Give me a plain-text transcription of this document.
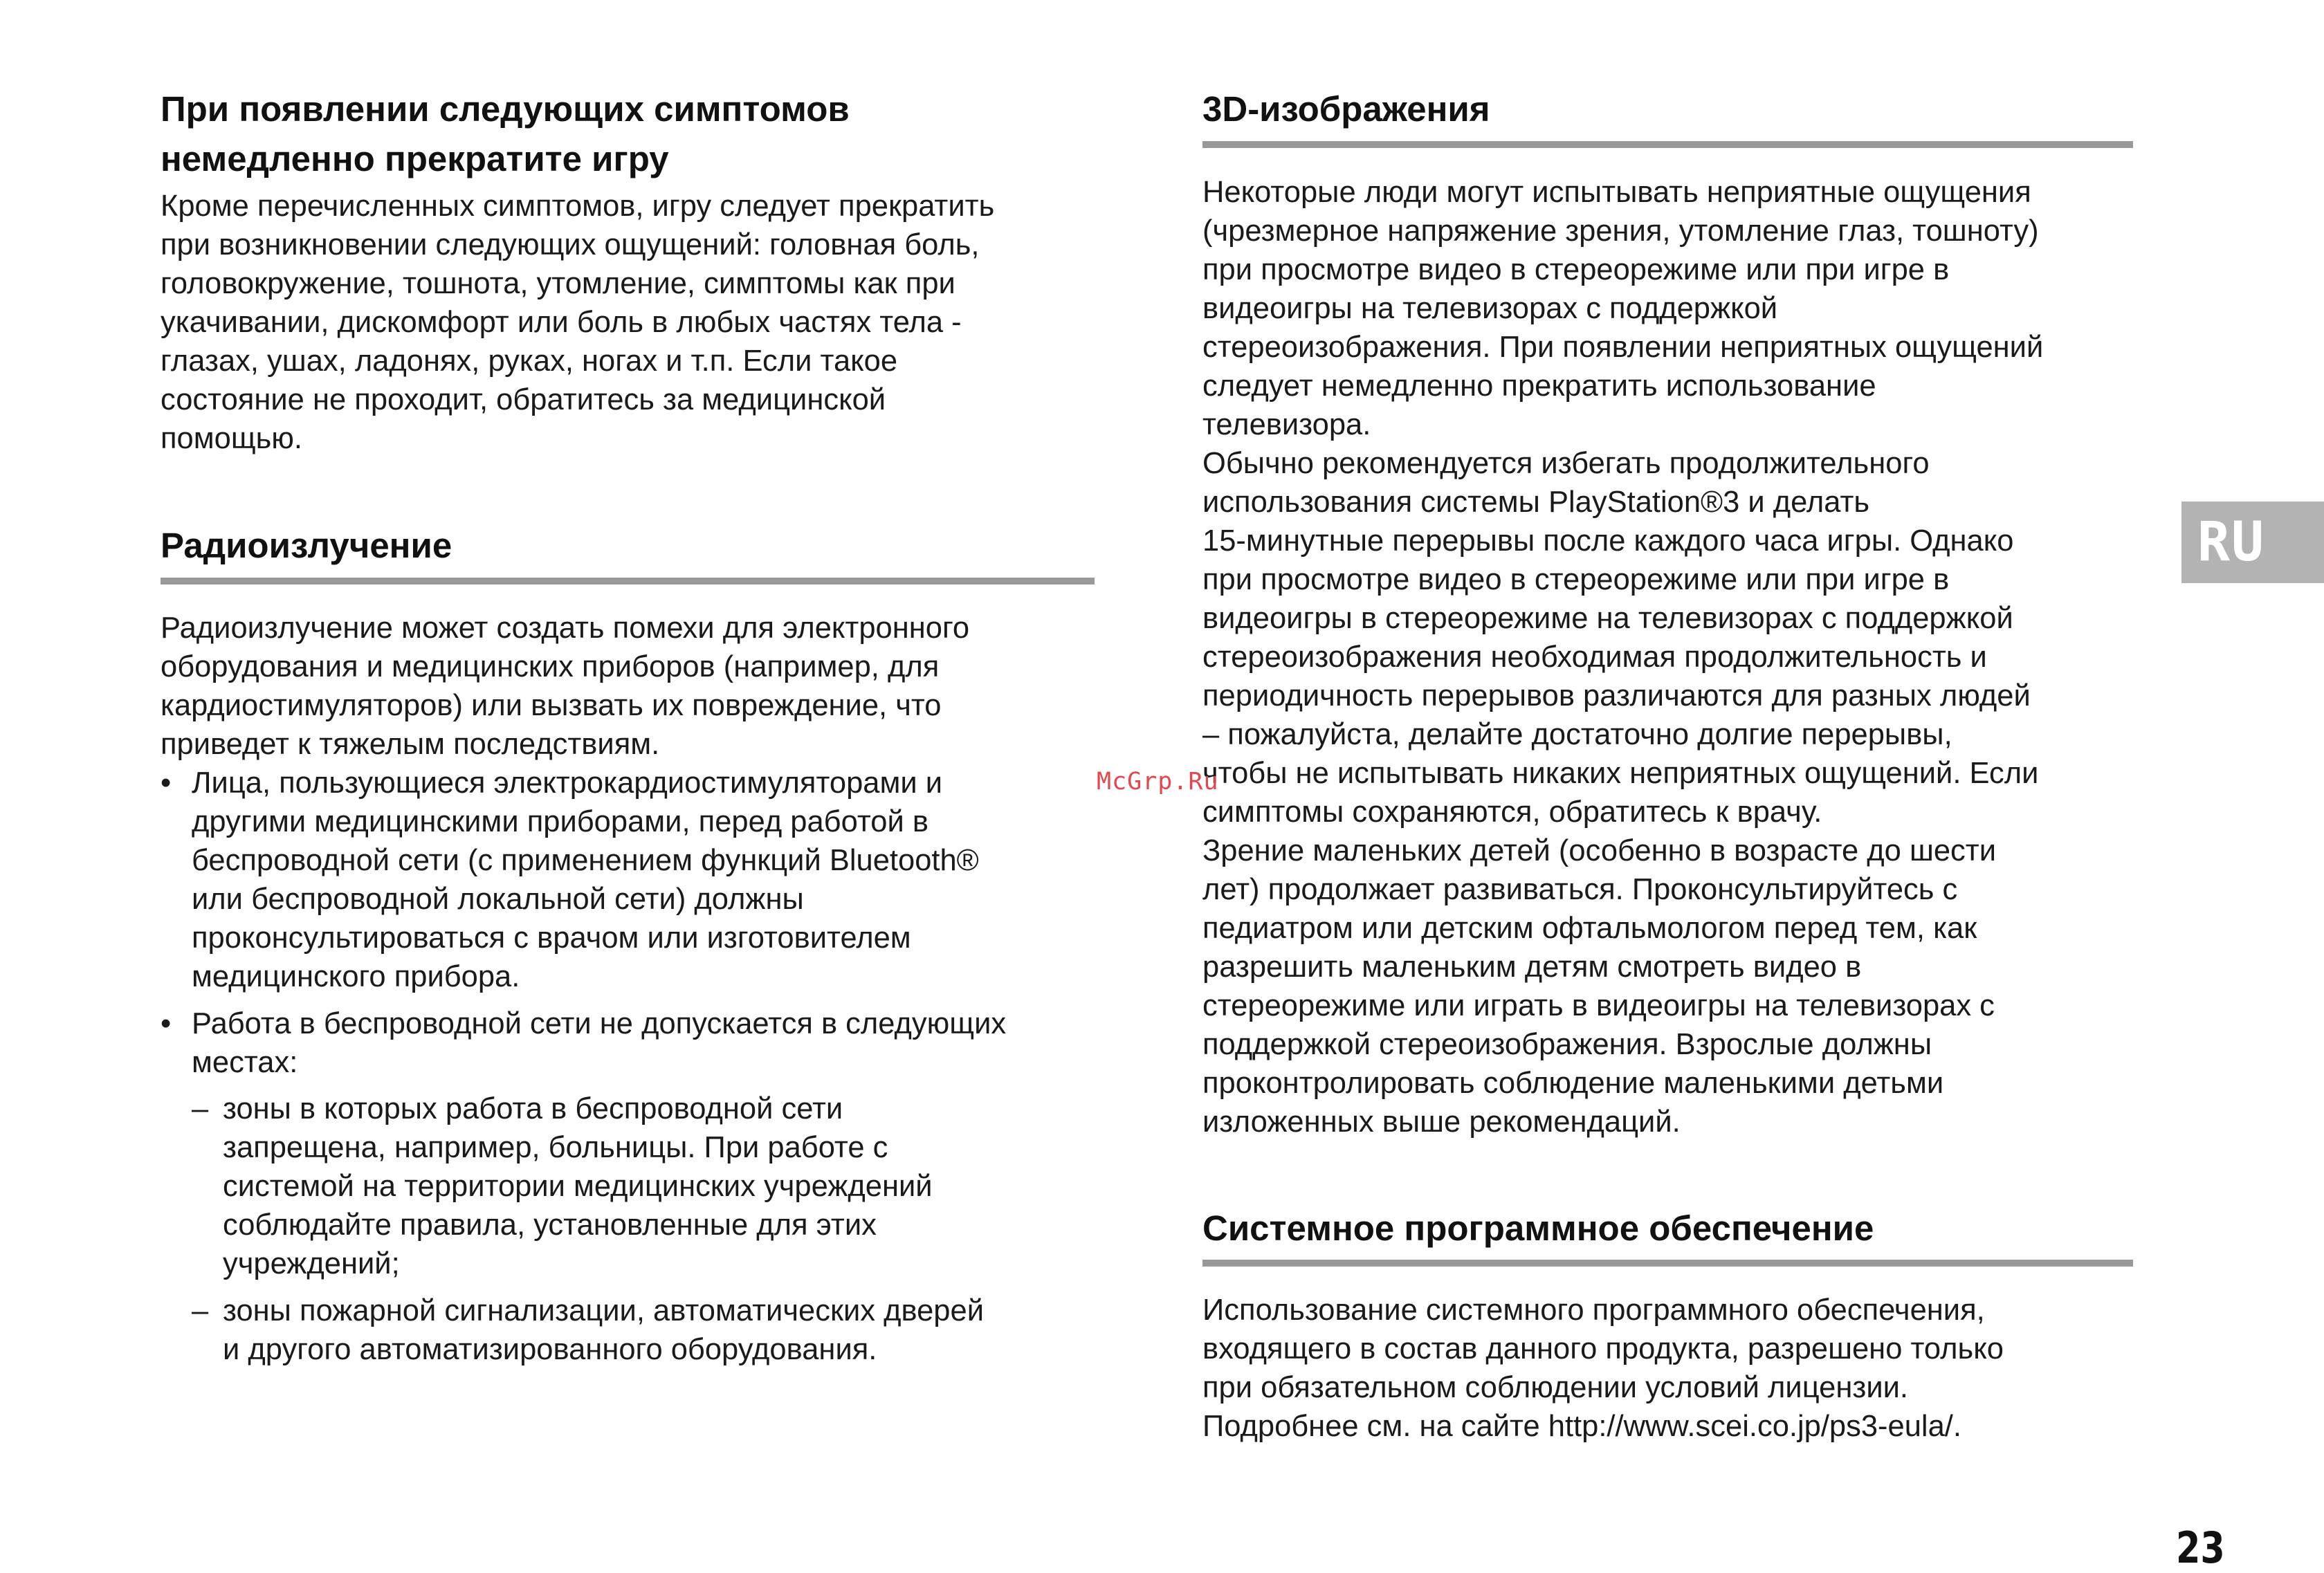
При появлении следующих симптомов
немедленно прекратите игру
Кроме перечисленных симптомов, игру следует прекратить
при возникновении следующих ощущений: головная боль,
головокружение, тошнота, утомление, симптомы как при
укачивании, дискомфорт или боль в любых частях тела -
глазах, ушах, ладонях, руках, ногах и т.п. Если такое
состояние не проходит, обратитесь за медицинской
помощью.
Радиоизлучение
Радиоизлучение может создать помехи для электронного
оборудования и медицинских приборов (например, для
кардиостимуляторов) или вызвать их повреждение, что
приведет к тяжелым последствиям.
• Лица, пользующиеся электрокардиостимуляторами и
другими медицинскими приборами, перед работой в
беспроводной сети (с применением функций Bluetooth®
или беспроводной локальной сети) должны
проконсультироваться с врачом или изготовителем
медицинского прибора.
• Работа в беспроводной сети не допускается в следующих
местах:
– зоны в которых работа в беспроводной сети
запрещена, например, больницы. При работе с
системой на территории медицинских учреждений
соблюдайте правила, установленные для этих
учреждений;
– зоны пожарной сигнализации, автоматических дверей
и другого автоматизированного оборудования.
3D-изображения
Некоторые люди могут испытывать неприятные ощущения
(чрезмерное напряжение зрения, утомление глаз, тошноту)
при просмотре видео в стереорежиме или при игре в
видеоигры на телевизорах с поддержкой
стереоизображения. При появлении неприятных ощущений
следует немедленно прекратить использование
телевизора.
Обычно рекомендуется избегать продолжительного
использования системы PlayStation®3 и делать
15-минутные перерывы после каждого часа игры. Однако
при просмотре видео в стереорежиме или при игре в
видеоигры в стереорежиме на телевизорах с поддержкой
стереоизображения необходимая продолжительность и
периодичность перерывов различаются для разных людей
– пожалуйста, делайте достаточно долгие перерывы,
чтобы не испытывать никаких неприятных ощущений. Если
симптомы сохраняются, обратитесь к врачу.
Зрение маленьких детей (особенно в возрасте до шести
лет) продолжает развиваться. Проконсультируйтесь с
педиатром или детским офтальмологом перед тем, как
разрешить маленьким детям смотреть видео в
стереорежиме или играть в видеоигры на телевизорах с
поддержкой стереоизображения. Взрослые должны
проконтролировать соблюдение маленькими детьми
изложенных выше рекомендаций.
Системное программное обеспечение
Использование системного программного обеспечения,
входящего в состав данного продукта, разрешено только
при обязательном соблюдении условий лицензии.
Подробнее см. на сайте http://www.scei.co.jp/ps3-eula/.
McGrp.Ru
RU
23
